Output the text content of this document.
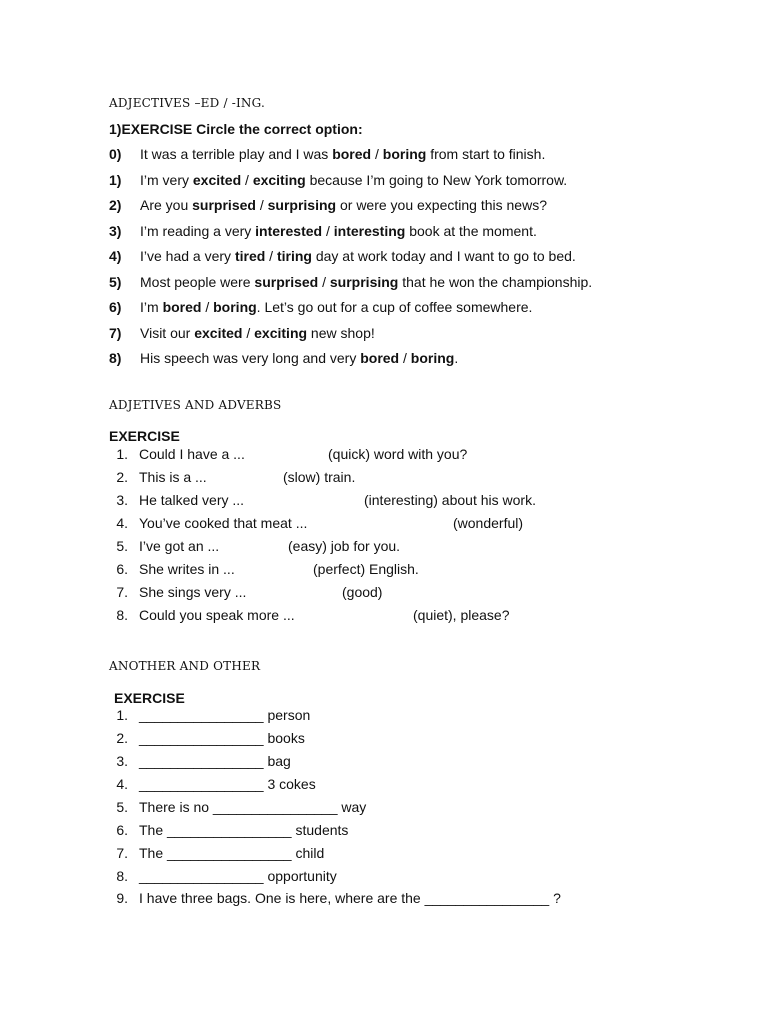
ADJECTIVES –ED / -ING.
1)EXERCISE Circle the correct option:
0) It was a terrible play and I was bored / boring from start to finish.
1) I’m very excited / exciting because I’m going to New York tomorrow.
2) Are you surprised / surprising or were you expecting this news?
3) I’m reading a very interested / interesting book at the moment.
4) I’ve had a very tired / tiring day at work today and I want to go to bed.
5) Most people were surprised / surprising that he won the championship.
6) I’m bored / boring. Let’s go out for a cup of coffee somewhere.
7) Visit our excited / exciting new shop!
8) His speech was very long and very bored / boring.
ADJETIVES AND ADVERBS
EXERCISE
1. Could I have a ...	(quick) word with you?
2. This is a ...	(slow) train.
3. He talked very ...	(interesting) about his work.
4. You’ve cooked that meat ...	(wonderful)
5. I’ve got an ...	(easy) job for you.
6. She writes in ...	(perfect) English.
7. She sings very ...	(good)
8. Could you speak more ...	(quiet), please?
ANOTHER AND OTHER
EXERCISE
1. ________________ person
2. ________________ books
3. ________________ bag
4. ________________ 3 cokes
5. There is no ________________ way
6. The ________________ students
7. The ________________ child
8. ________________ opportunity
9. I have three bags. One is here, where are the ________________ ?
